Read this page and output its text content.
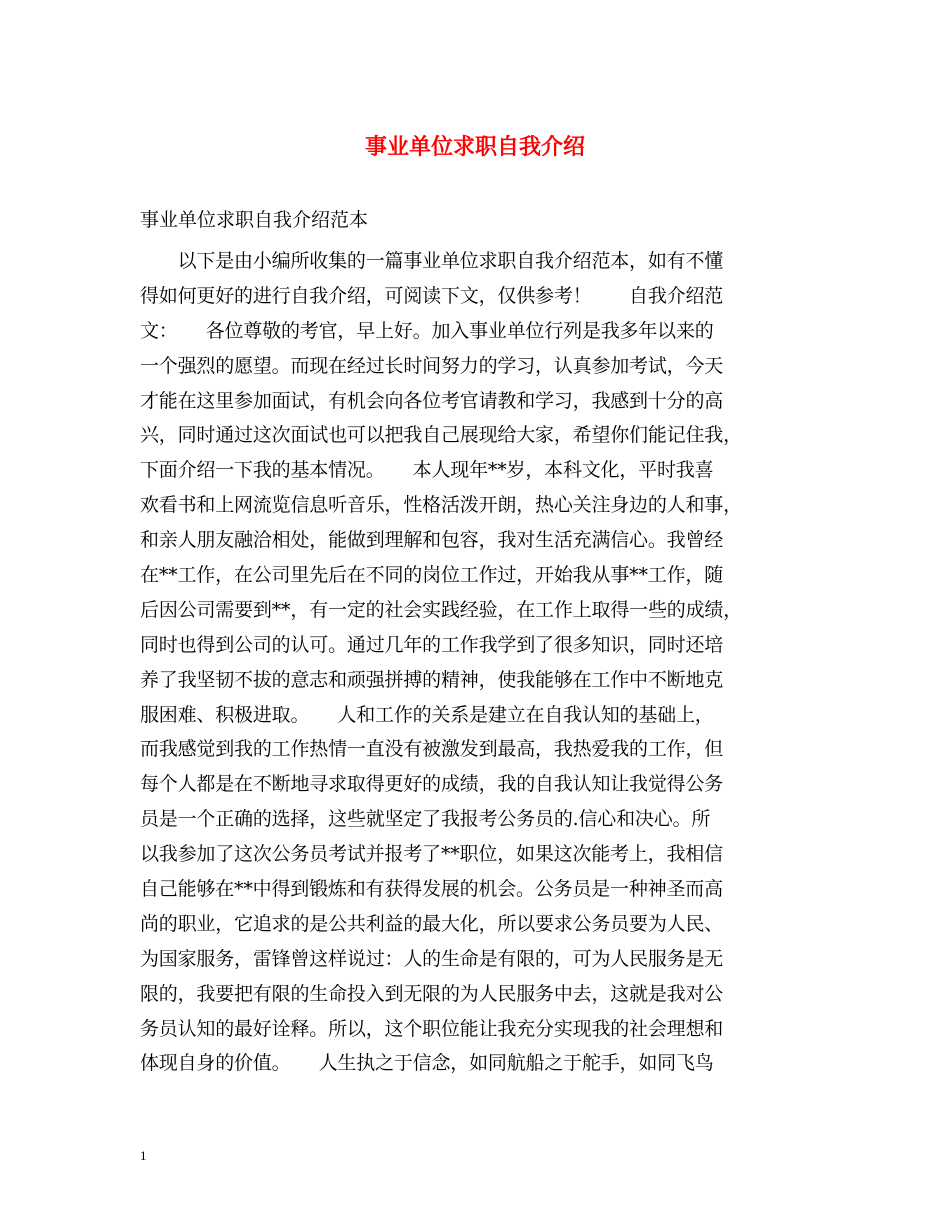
事业单位求职自我介绍
事业单位求职自我介绍范本
　　以下是由小编所收集的一篇事业单位求职自我介绍范本，如有不懂
得如何更好的进行自我介绍，可阅读下文，仅供参考！　　自我介绍范
文：　　各位尊敬的考官，早上好。加入事业单位行列是我多年以来的
一个强烈的愿望。而现在经过长时间努力的学习，认真参加考试，今天
才能在这里参加面试，有机会向各位考官请教和学习，我感到十分的高
兴，同时通过这次面试也可以把我自己展现给大家，希望你们能记住我，
下面介绍一下我的基本情况。　　本人现年**岁，本科文化，平时我喜
欢看书和上网流览信息听音乐，性格活泼开朗，热心关注身边的人和事，
和亲人朋友融洽相处，能做到理解和包容，我对生活充满信心。我曾经
在**工作，在公司里先后在不同的岗位工作过，开始我从事**工作，随
后因公司需要到**，有一定的社会实践经验，在工作上取得一些的成绩，
同时也得到公司的认可。通过几年的工作我学到了很多知识，同时还培
养了我坚韧不拔的意志和顽强拼搏的精神，使我能够在工作中不断地克
服困难、积极进取。　　人和工作的关系是建立在自我认知的基础上，
而我感觉到我的工作热情一直没有被激发到最高，我热爱我的工作，但
每个人都是在不断地寻求取得更好的成绩，我的自我认知让我觉得公务
员是一个正确的选择，这些就坚定了我报考公务员的.信心和决心。所
以我参加了这次公务员考试并报考了**职位，如果这次能考上，我相信
自己能够在**中得到锻炼和有获得发展的机会。公务员是一种神圣而高
尚的职业，它追求的是公共利益的最大化，所以要求公务员要为人民、
为国家服务，雷锋曾这样说过：人的生命是有限的，可为人民服务是无
限的，我要把有限的生命投入到无限的为人民服务中去，这就是我对公
务员认知的最好诠释。所以，这个职位能让我充分实现我的社会理想和
体现自身的价值。　　人生执之于信念，如同航船之于舵手，如同飞鸟
1
